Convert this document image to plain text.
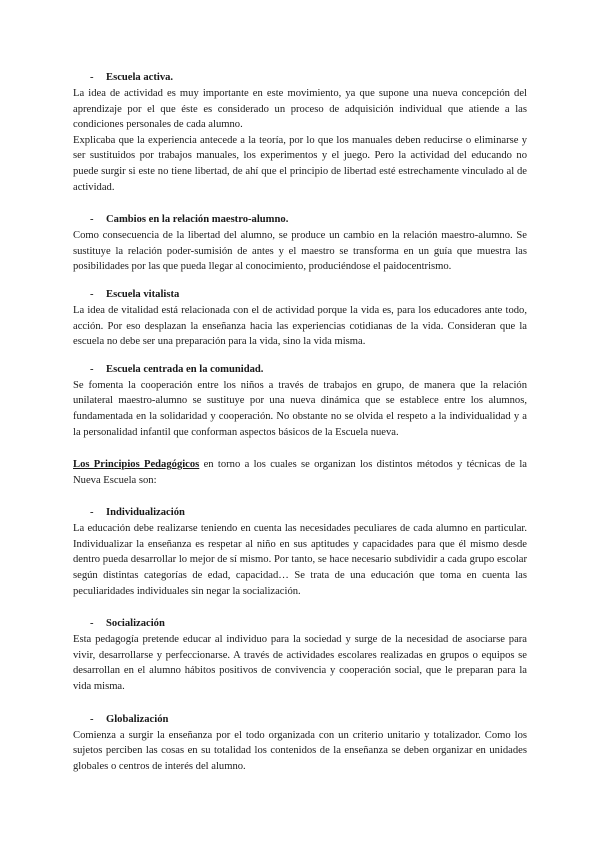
- Escuela activa.

La idea de actividad es muy importante en este movimiento, ya que supone una nueva concepción del aprendizaje por el que éste es considerado un proceso de adquisición individual que atiende a las condiciones personales de cada alumno.

Explicaba que la experiencia antecede a la teoría, por lo que los manuales deben reducirse o eliminarse y ser sustituidos por trabajos manuales, los experimentos y el juego. Pero la actividad del educando no puede surgir si este no tiene libertad, de ahí que el principio de libertad esté estrechamente vinculado al de actividad.

- Cambios en la relación maestro-alumno.

Como consecuencia de la libertad del alumno, se produce un cambio en la relación maestro-alumno. Se sustituye la relación poder-sumisión de antes y el maestro se transforma en un guía que muestra las posibilidades por las que pueda llegar al conocimiento, produciéndose el paidocentrismo.

- Escuela vitalista

La idea de vitalidad está relacionada con el de actividad porque la vida es, para los educadores ante todo, acción. Por eso desplazan la enseñanza hacia las experiencias cotidianas de la vida. Consideran que la escuela no debe ser una preparación para la vida, sino la vida misma.

- Escuela centrada en la comunidad.

Se fomenta la cooperación entre los niños a través de trabajos en grupo, de manera que la relación unilateral maestro-alumno se sustituye por una nueva dinámica que se establece entre los alumnos, fundamentada en la solidaridad y cooperación. No obstante no se olvida el respeto a la individualidad y a la personalidad infantil que conforman aspectos básicos de la Escuela nueva.

Los Principios Pedagógicos en torno a los cuales se organizan los distintos métodos y técnicas de la Nueva Escuela son:

- Individualización

La educación debe realizarse teniendo en cuenta las necesidades peculiares de cada alumno en particular. Individualizar la enseñanza es respetar al niño en sus aptitudes y capacidades para que él mismo desde dentro pueda desarrollar lo mejor de sí mismo. Por tanto, se hace necesario subdividir a cada grupo escolar según distintas categorías de edad, capacidad… Se trata de una educación que toma en cuenta las peculiaridades individuales sin negar la socialización.

- Socialización

Esta pedagogía pretende educar al individuo para la sociedad y surge de la necesidad de asociarse para vivir, desarrollarse y perfeccionarse. A través de actividades escolares realizadas en grupos o equipos se desarrollan en el alumno hábitos positivos de convivencia y cooperación social, que le preparan para la vida misma.

- Globalización

Comienza a surgir la enseñanza por el todo organizada con un criterio unitario y totalizador. Como los sujetos perciben las cosas en su totalidad los contenidos de la enseñanza se deben organizar en unidades globales o centros de interés del alumno.
